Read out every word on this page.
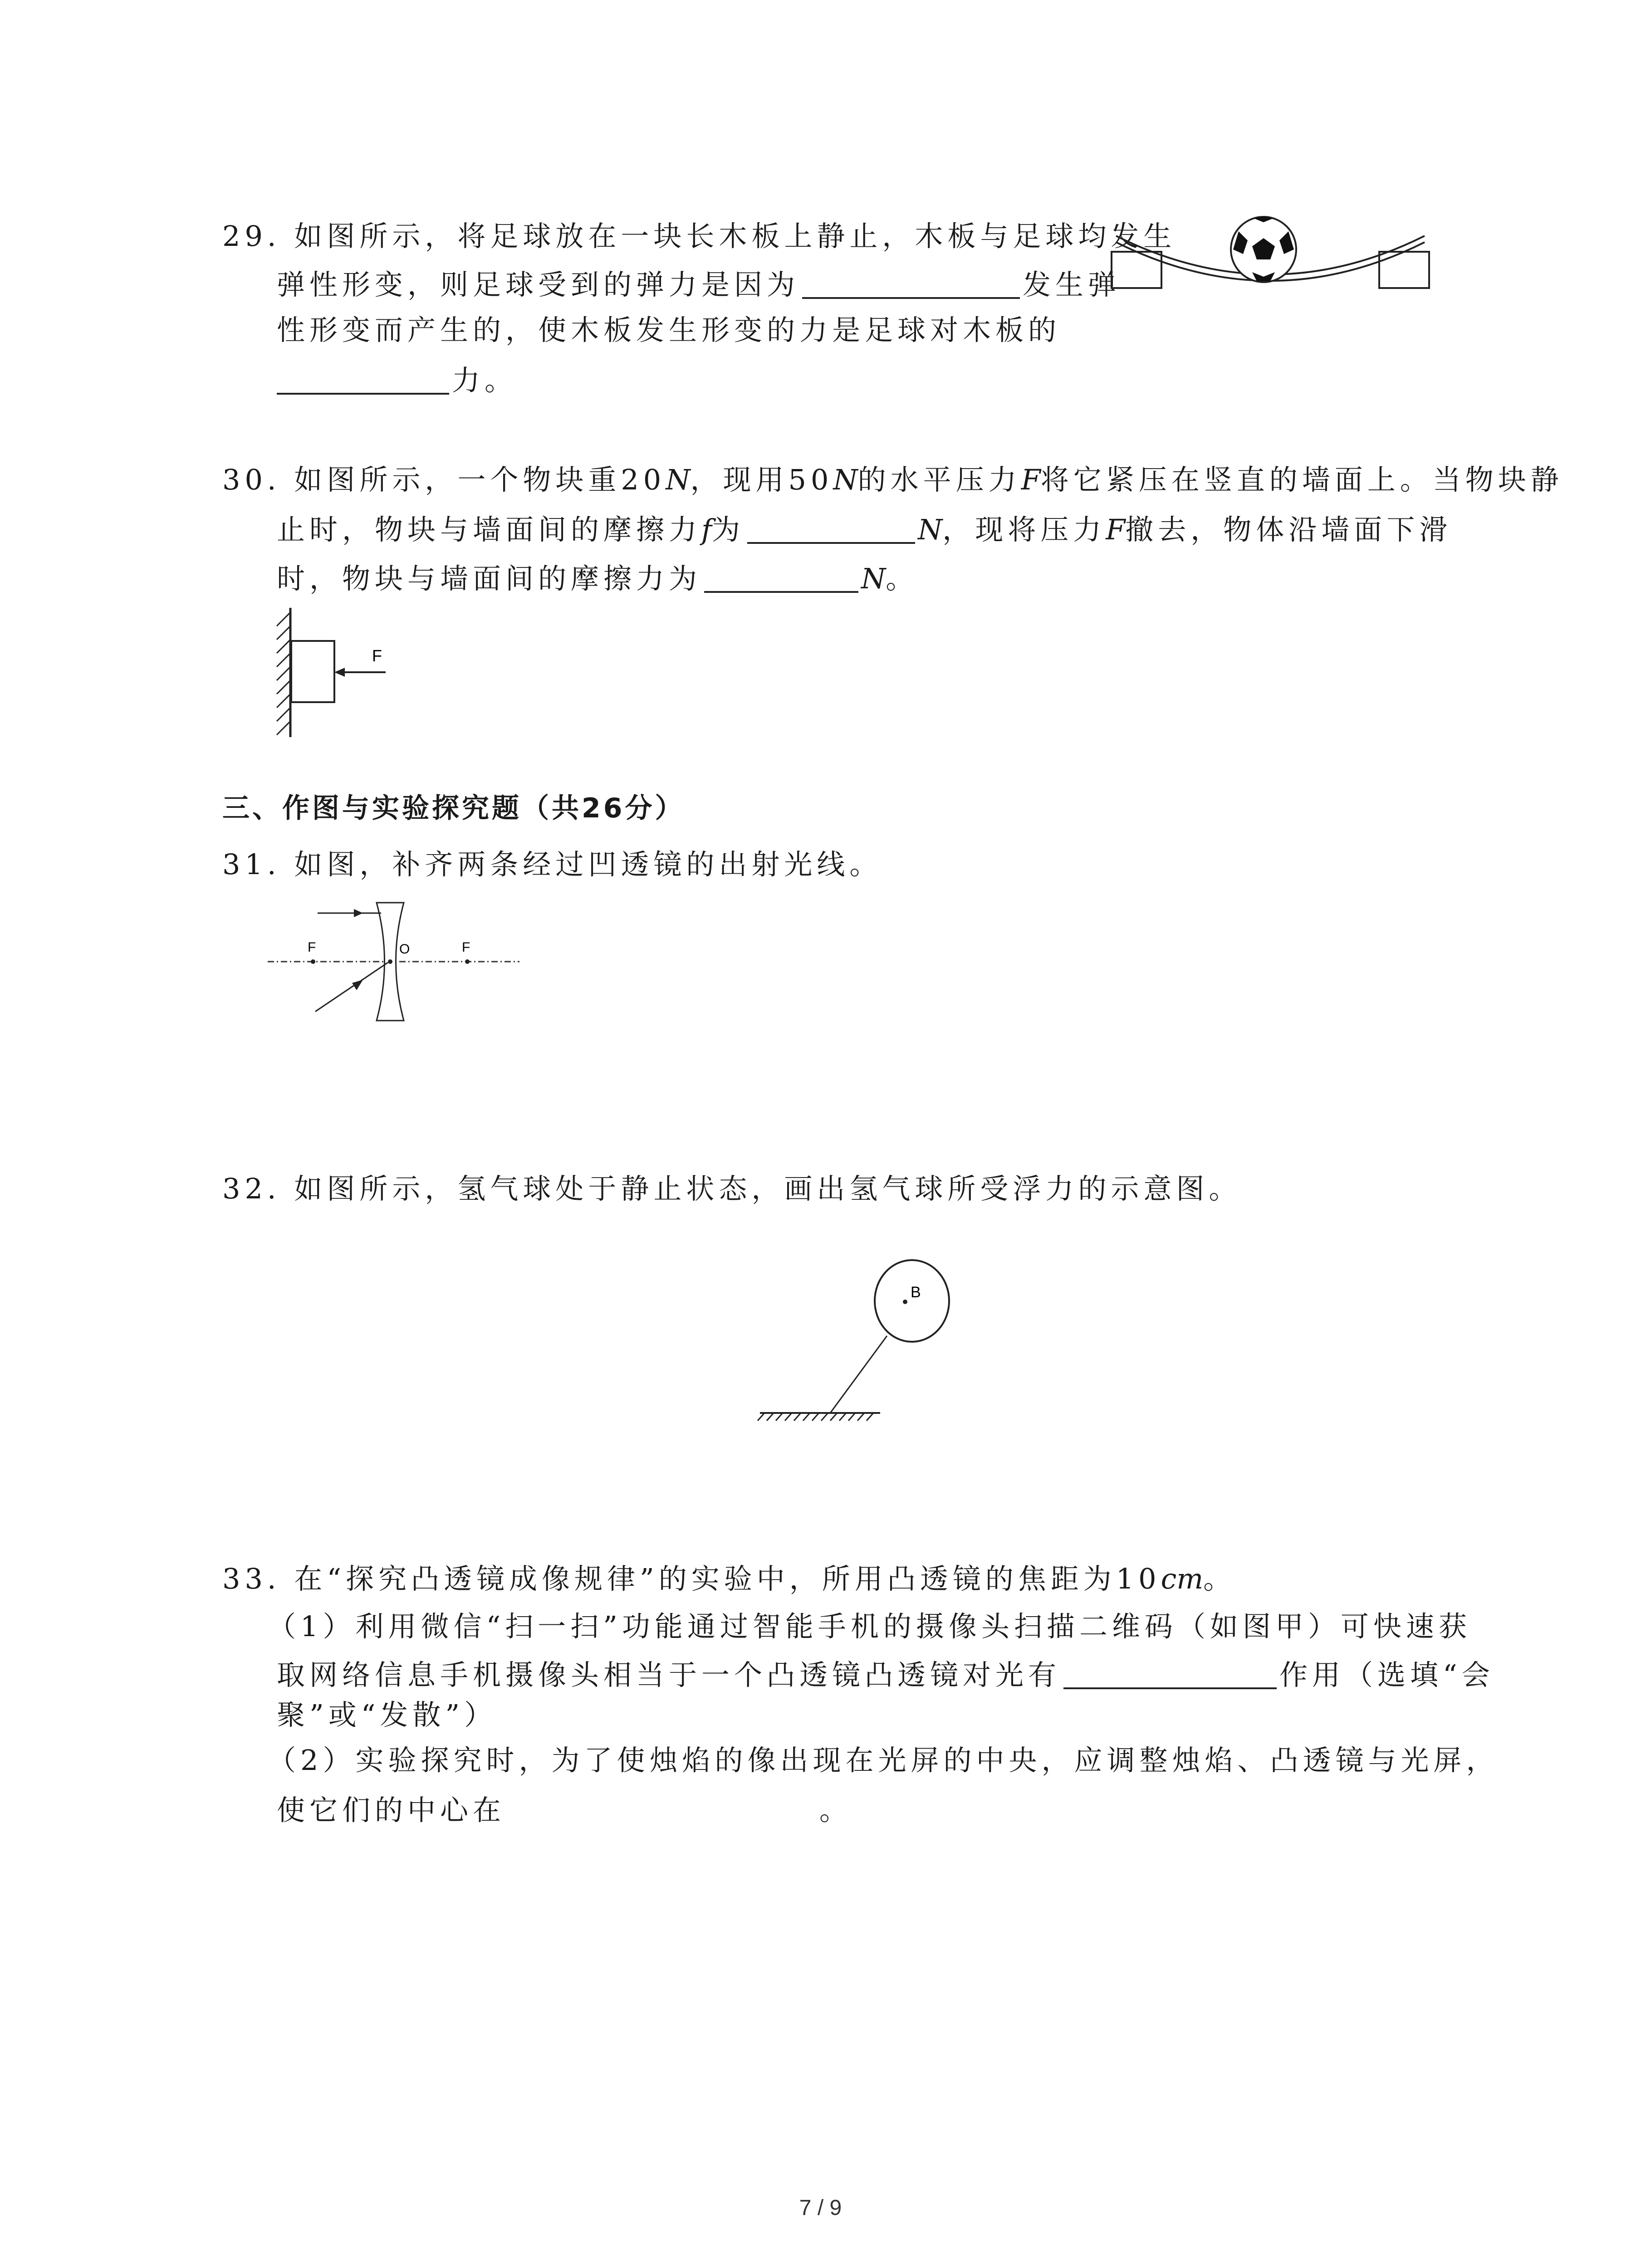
29. 如图所示，将足球放在一块长木板上静止，木板与足球均发生
弹性形变，则足球受到的弹力是因为	发生弹
性形变而产生的，使木板发生形变的力是足球对木板的
力。
30. 如图所示，一个物块重20N，现用50N的水平压力F将它紧压在竖直的墙面上。当物块静
止时，物块与墙面间的摩擦力f为	N，现将压力F撤去，物体沿墙面下滑
时，物块与墙面间的摩擦力为	N。
F
三、作图与实验探究题（共26分）
31. 如图，补齐两条经过凹透镜的出射光线。
F	O	F
32. 如图所示，氢气球处于静止状态，画出氢气球所受浮力的示意图。
B
33. 在“探究凸透镜成像规律”的实验中，所用凸透镜的焦距为10cm。
（1）利用微信“扫一扫”功能通过智能手机的摄像头扫描二维码（如图甲）可快速获
取网络信息手机摄像头相当于一个凸透镜凸透镜对光有	作用（选填“会
聚”或“发散”）
（2）实验探究时，为了使烛焰的像出现在光屏的中央，应调整烛焰、凸透镜与光屏，
使它们的中心在	。
7 / 9
